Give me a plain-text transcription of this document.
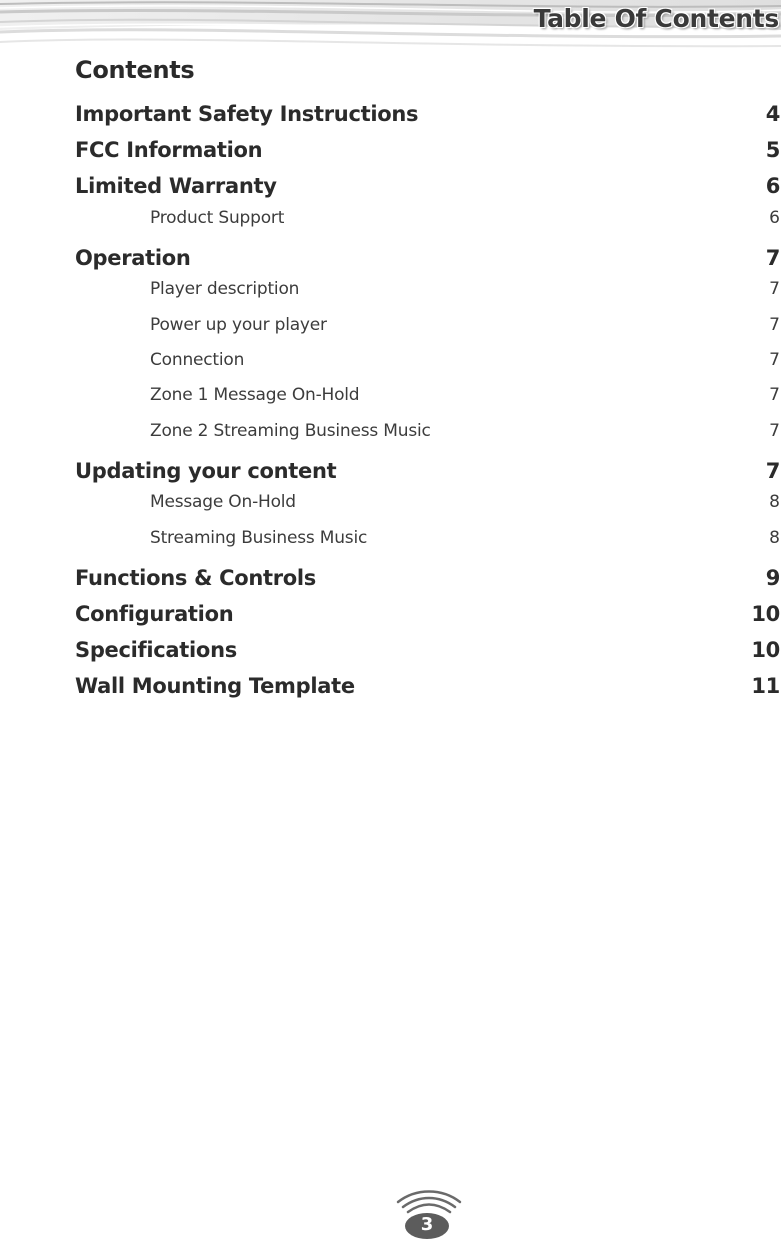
Table Of Contents
Contents
Important Safety Instructions	4
FCC Information	5
Limited Warranty	6
Product Support	6
Operation	7
Player description	7
Power up your player	7
Connection	7
Zone 1 Message On-Hold	7
Zone 2 Streaming Business Music	7
Updating your content	7
Message On-Hold	8
Streaming Business Music	8
Functions & Controls	9
Configuration	10
Specifications	10
Wall Mounting Template	11
3
